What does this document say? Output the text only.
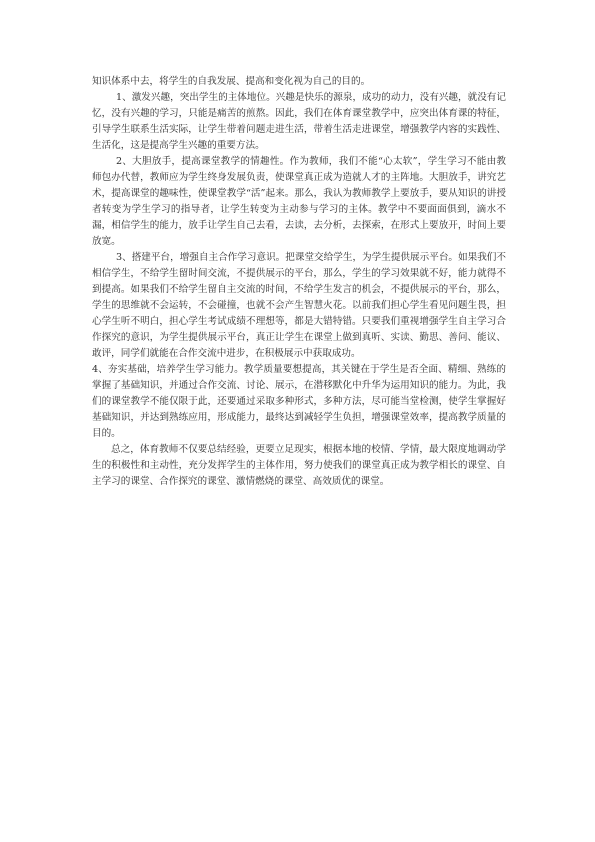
知识体系中去，将学生的自我发展、提高和变化视为自己的目的。

1、激发兴趣，突出学生的主体地位。兴趣是快乐的源泉，成功的动力，没有兴趣，就没有记忆，没有兴趣的学习，只能是痛苦的煎熬。因此，我们在体育课堂教学中，应突出体育课的特征，引导学生联系生活实际，让学生带着问题走进生活，带着生活走进课堂，增强教学内容的实践性、生活化，这是提高学生兴趣的重要方法。

2、大胆放手，提高课堂教学的情趣性。作为教师，我们不能“心太软”，学生学习不能由教师包办代替，教师应为学生终身发展负责，使课堂真正成为造就人才的主阵地。大胆放手，讲究艺术，提高课堂的趣味性，使课堂教学“活”起来。那么，我认为教师教学上要放手，要从知识的讲授者转变为学生学习的指导者，让学生转变为主动参与学习的主体。教学中不要面面俱到，滴水不漏，相信学生的能力，放手让学生自己去看，去读，去分析，去探索，在形式上要放开，时间上要放宽。

3、搭建平台，增强自主合作学习意识。把课堂交给学生，为学生提供展示平台。如果我们不相信学生，不给学生留时间交流，不提供展示的平台，那么，学生的学习效果就不好，能力就得不到提高。如果我们不给学生留自主交流的时间，不给学生发言的机会，不提供展示的平台，那么，学生的思维就不会运转，不会碰撞，也就不会产生智慧火花。以前我们担心学生看见问题生畏，担心学生听不明白，担心学生考试成绩不理想等，都是大错特错。只要我们重视增强学生自主学习合作探究的意识，为学生提供展示平台，真正让学生在课堂上做到真听、实读、勤思、善问、能议、敢评，同学们就能在合作交流中进步，在积极展示中获取成功。

4、夯实基础，培养学生学习能力。教学质量要想提高，其关键在于学生是否全面、精细、熟练的掌握了基础知识，并通过合作交流、讨论、展示，在潜移默化中升华为运用知识的能力。为此，我们的课堂教学不能仅限于此，还要通过采取多种形式，多种方法，尽可能当堂检测，使学生掌握好基础知识，并达到熟练应用，形成能力，最终达到减轻学生负担，增强课堂效率，提高教学质量的目的。

总之，体育教师不仅要总结经验，更要立足现实，根据本地的校情、学情，最大限度地调动学生的积极性和主动性，充分发挥学生的主体作用，努力使我们的课堂真正成为教学相长的课堂、自主学习的课堂、合作探究的课堂、激情燃烧的课堂、高效质优的课堂。
